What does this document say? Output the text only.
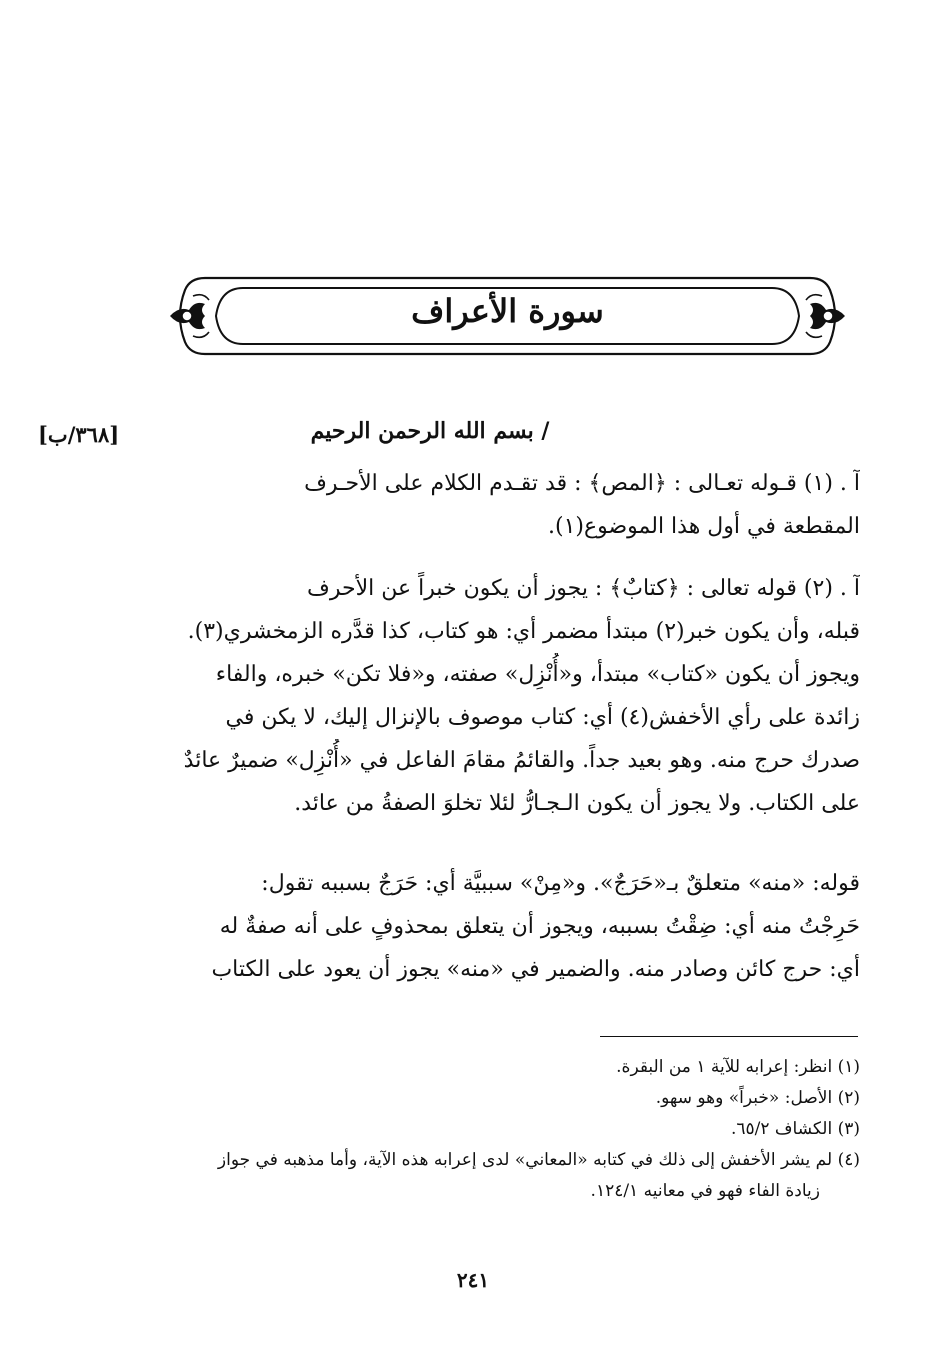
سورة الأعراف
[٣٦٨/ب]	/ بسم الله الرحمن الرحيم
آ . (١) قـوله تعـالى : ﴿المص﴾ : قد تقـدم الكلام على الأحـرف
المقطعة في أول هذا الموضوع(١).
آ . (٢) قوله تعالى : ﴿كتابٌ﴾ : يجوز أن يكون خبراً عن الأحرف
قبله، وأن يكون خبر(٢) مبتدأ مضمر أي: هو كتاب، كذا قدَّره الزمخشري(٣).
ويجوز أن يكون «كتاب» مبتدأ، و«أُنْزِل» صفته، و«فلا تكن» خبره، والفاء
زائدة على رأي الأخفش(٤) أي: كتاب موصوف بالإنزال إليك، لا يكن في
صدرك حرج منه. وهو بعيد جداً. والقائمُ مقامَ الفاعل في «أُنْزِل» ضميرٌ عائدٌ
على الكتاب. ولا يجوز أن يكون الـجـارُّ لئلا تخلوَ الصفةُ من عائد.
قوله: «منه» متعلقٌ بـ«حَرَجٌ». و«مِنْ» سببيَّة أي: حَرَجٌ بسببه تقول:
حَرِجْتُ منه أي: ضِقْتُ بسببه، ويجوز أن يتعلق بمحذوفٍ على أنه صفةٌ له
أي: حرج كائن وصادر منه. والضمير في «منه» يجوز أن يعود على الكتاب
(١) انظر: إعرابه للآية ١ من البقرة.
(٢) الأصل: «خبراً» وهو سهو.
(٣) الكشاف ٦٥/٢.
(٤) لم يشر الأخفش إلى ذلك في كتابه «المعاني» لدى إعرابه هذه الآية، وأما مذهبه في جواز
زيادة الفاء فهو في معانيه ١٢٤/١.
٢٤١
